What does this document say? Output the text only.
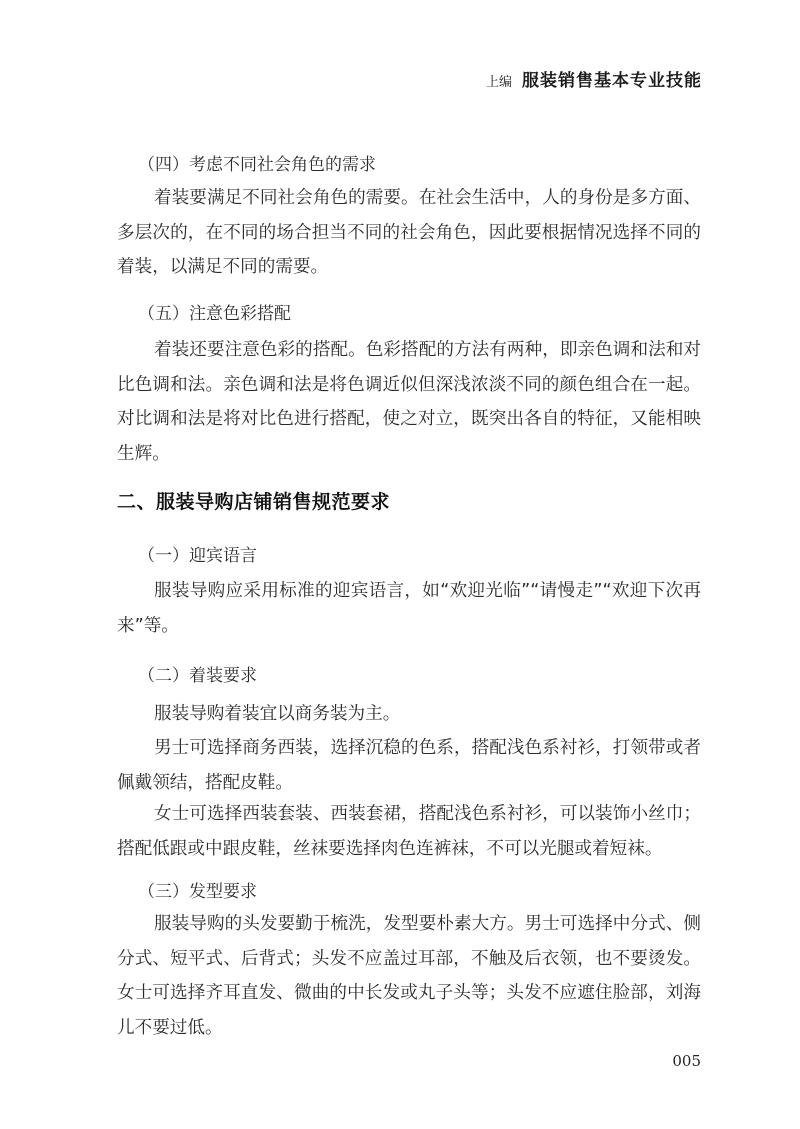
上编 服装销售基本专业技能
（四）考虑不同社会角色的需求

着装要满足不同社会角色的需要。在社会生活中，人的身份是多方面、多层次的，在不同的场合担当不同的社会角色，因此要根据情况选择不同的着装，以满足不同的需要。

（五）注意色彩搭配

着装还要注意色彩的搭配。色彩搭配的方法有两种，即亲色调和法和对比色调和法。亲色调和法是将色调近似但深浅浓淡不同的颜色组合在一起。对比调和法是将对比色进行搭配，使之对立，既突出各自的特征，又能相映生辉。

二、服装导购店铺销售规范要求
（一）迎宾语言

服装导购应采用标准的迎宾语言，如“欢迎光临”“请慢走”“欢迎下次再来”等。

（二）着装要求

服装导购着装宜以商务装为主。

男士可选择商务西装，选择沉稳的色系，搭配浅色系衬衫，打领带或者佩戴领结，搭配皮鞋。

女士可选择西装套装、西装套裙，搭配浅色系衬衫，可以装饰小丝巾；搭配低跟或中跟皮鞋，丝袜要选择肉色连裤袜，不可以光腿或着短袜。

（三）发型要求

服装导购的头发要勤于梳洗，发型要朴素大方。男士可选择中分式、侧分式、短平式、后背式；头发不应盖过耳部，不触及后衣领，也不要烫发。女士可选择齐耳直发、微曲的中长发或丸子头等；头发不应遮住脸部，刘海儿不要过低。

005
